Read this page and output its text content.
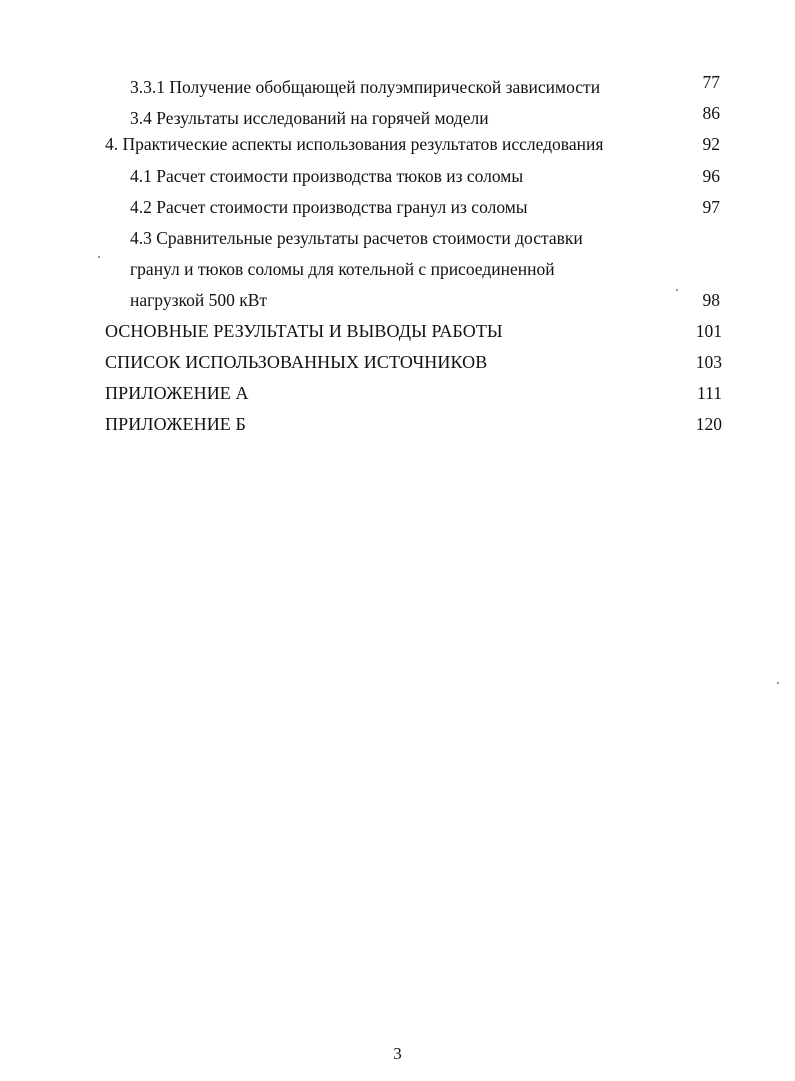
3.3.1 Получение обобщающей полуэмпирической зависимости	77
3.4 Результаты исследований на горячей модели	86
4. Практические аспекты использования результатов исследования	92
4.1 Расчет стоимости производства тюков из соломы	96
4.2 Расчет стоимости производства гранул из соломы	97
4.3 Сравнительные результаты расчетов стоимости доставки
гранул и тюков соломы для котельной с присоединенной
нагрузкой 500 кВт	98
ОСНОВНЫЕ РЕЗУЛЬТАТЫ И ВЫВОДЫ РАБОТЫ	101
СПИСОК ИСПОЛЬЗОВАННЫХ ИСТОЧНИКОВ	103
ПРИЛОЖЕНИЕ А	111
ПРИЛОЖЕНИЕ Б	120
3
